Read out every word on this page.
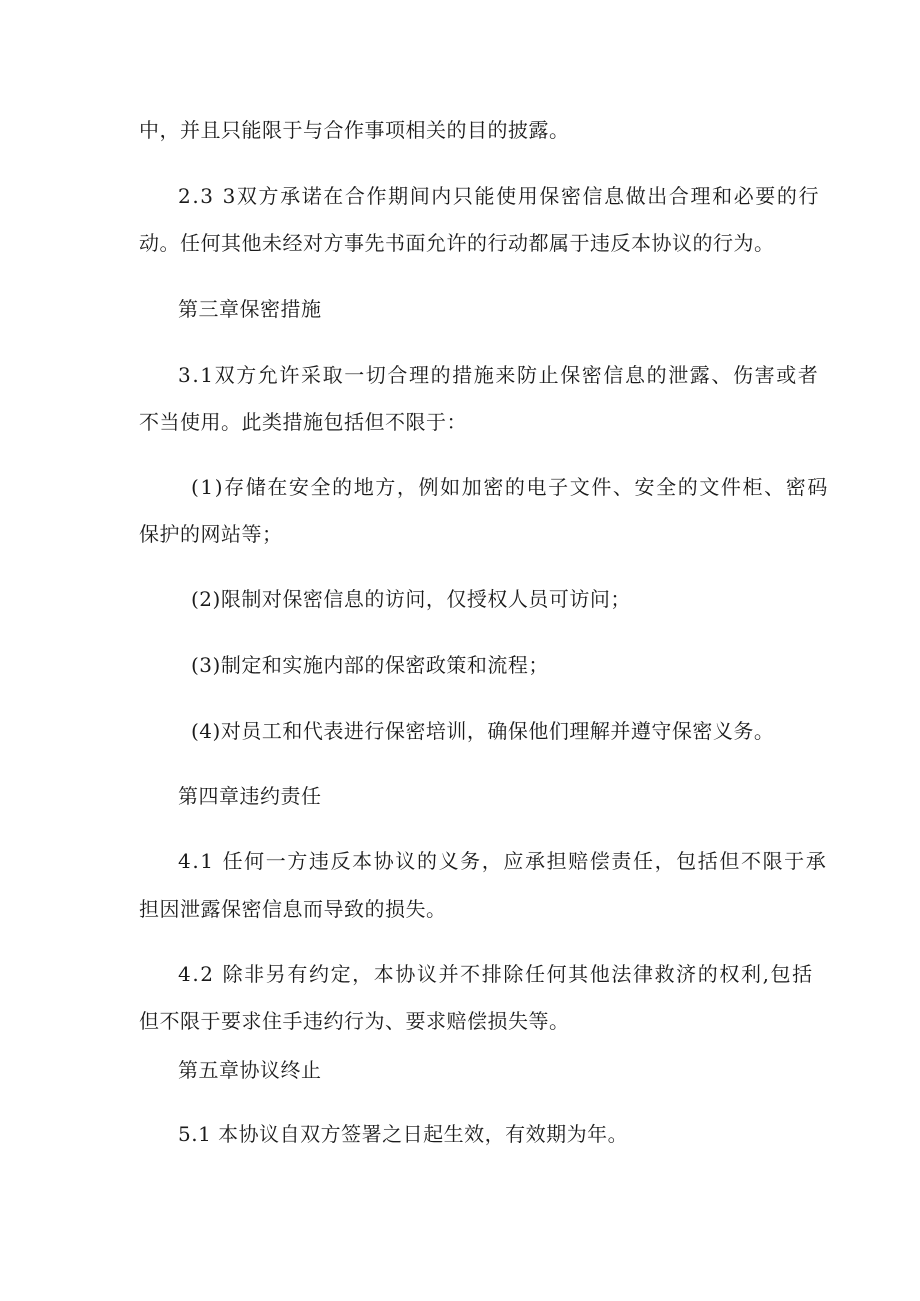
中，并且只能限于与合作事项相关的目的披露。
2.3 3双方承诺在合作期间内只能使用保密信息做出合理和必要的行
动。任何其他未经对方事先书面允许的行动都属于违反本协议的行为。
第三章保密措施
3.1双方允许采取一切合理的措施来防止保密信息的泄露、伤害或者
不当使用。此类措施包括但不限于：
(1)存储在安全的地方，例如加密的电子文件、安全的文件柜、密码
保护的网站等；
(2)限制对保密信息的访问，仅授权人员可访问；
(3)制定和实施内部的保密政策和流程；
(4)对员工和代表进行保密培训，确保他们理解并遵守保密义务。
第四章违约责任
4.1 任何一方违反本协议的义务，应承担赔偿责任，包括但不限于承
担因泄露保密信息而导致的损失。
4.2 除非另有约定，本协议并不排除任何其他法律救济的权利,包括
但不限于要求住手违约行为、要求赔偿损失等。
第五章协议终止
5.1 本协议自双方签署之日起生效，有效期为年。
